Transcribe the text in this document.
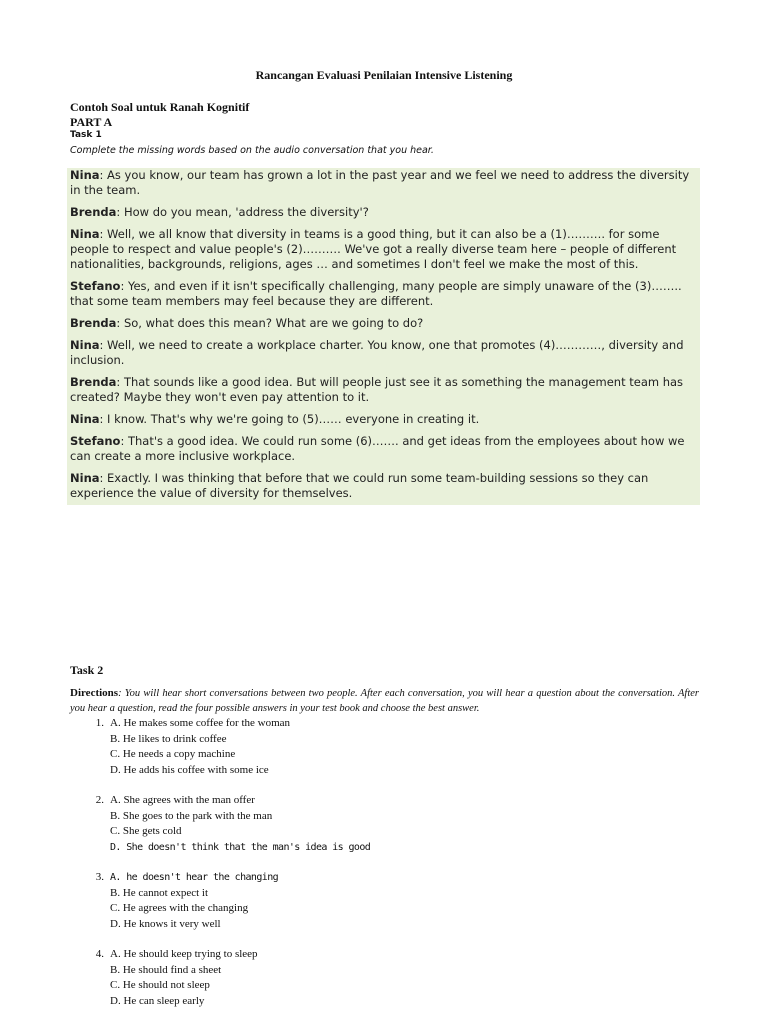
Rancangan Evaluasi Penilaian Intensive Listening
Contoh Soal untuk Ranah Kognitif
PART A
Task 1
Complete the missing words based on the audio conversation that you hear.

Nina: As you know, our team has grown a lot in the past year and we feel we need to address the diversity in the team.

Brenda: How do you mean, 'address the diversity'?

Nina: Well, we all know that diversity in teams is a good thing, but it can also be a (1)………. for some people to respect and value people's (2)………. We've got a really diverse team here – people of different nationalities, backgrounds, religions, ages … and sometimes I don't feel we make the most of this.

Stefano: Yes, and even if it isn't specifically challenging, many people are simply unaware of the (3)…….. that some team members may feel because they are different.

Brenda: So, what does this mean? What are we going to do?

Nina: Well, we need to create a workplace charter. You know, one that promotes (4)…………, diversity and inclusion.

Brenda: That sounds like a good idea. But will people just see it as something the management team has created? Maybe they won't even pay attention to it.

Nina: I know. That's why we're going to (5)…… everyone in creating it.

Stefano: That's a good idea. We could run some (6)……. and get ideas from the employees about how we can create a more inclusive workplace.

Nina: Exactly. I was thinking that before that we could run some team-building sessions so they can experience the value of diversity for themselves.

Task 2
Directions: You will hear short conversations between two people. After each conversation, you will hear a question about the conversation. After you hear a question, read the four possible answers in your test book and choose the best answer.
1. A. He makes some coffee for the woman
B. He likes to drink coffee
C. He needs a copy machine
D. He adds his coffee with some ice
2. A. She agrees with the man offer
B. She goes to the park with the man
C. She gets cold
D. She doesn't think that the man's idea is good
3. A. he doesn't hear the changing
B. He cannot expect it
C. He agrees with the changing
D. He knows it very well
4. A. He should keep trying to sleep
B. He should find a sheet
C. He should not sleep
D. He can sleep early
